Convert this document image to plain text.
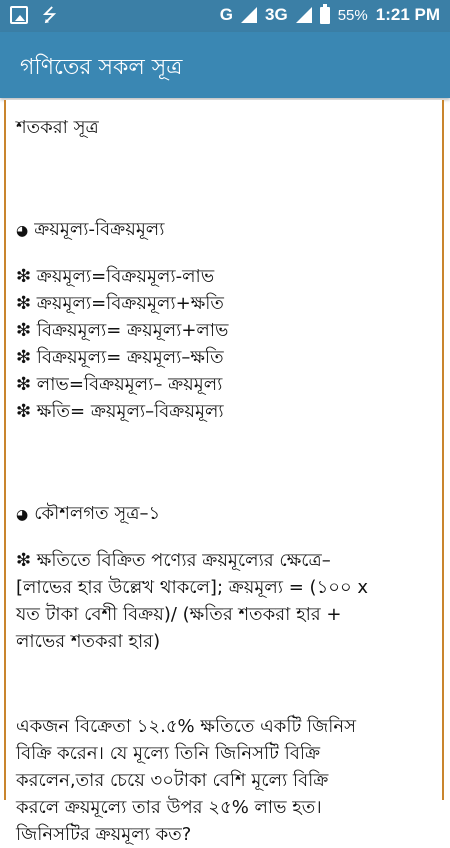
⭍	G 3G	55% 1:21 PM
গণিতের সকল সূত্র
শতকরা সূত্র
◕ ক্রয়মূল্য-বিক্রয়মূল্য
❇ ক্রয়মূল্য=বিক্রয়মূল্য-লাভ
❇ ক্রয়মূল্য=বিক্রয়মূল্য+ক্ষতি
❇ বিক্রয়মূল্য= ক্রয়মূল্য+লাভ
❇ বিক্রয়মূল্য= ক্রয়মূল্য–ক্ষতি
❇ লাভ=বিক্রয়মূল্য– ক্রয়মূল্য
❇ ক্ষতি= ক্রয়মূল্য–বিক্রয়মূল্য
◕ কৌশলগত সূত্র–১
❇ ক্ষতিতে বিক্রিত পণ্যের ক্রয়মূল্যের ক্ষেত্রে–
[লাভের হার উল্লেখ থাকলে]; ক্রয়মূল্য = (১০০ x
যত টাকা বেশী বিক্রয়)/ (ক্ষতির শতকরা হার +
লাভের শতকরা হার)
একজন বিক্রেতা ১২.৫% ক্ষতিতে একটি জিনিস
বিক্রি করেন। যে মূল্যে তিনি জিনিসটি বিক্রি
করলেন,তার চেয়ে ৩০টাকা বেশি মূল্যে বিক্রি
করলে ক্রয়মূল্যে তার উপর ২৫% লাভ হত।
জিনিসটির ক্রয়মূল্য কত?
